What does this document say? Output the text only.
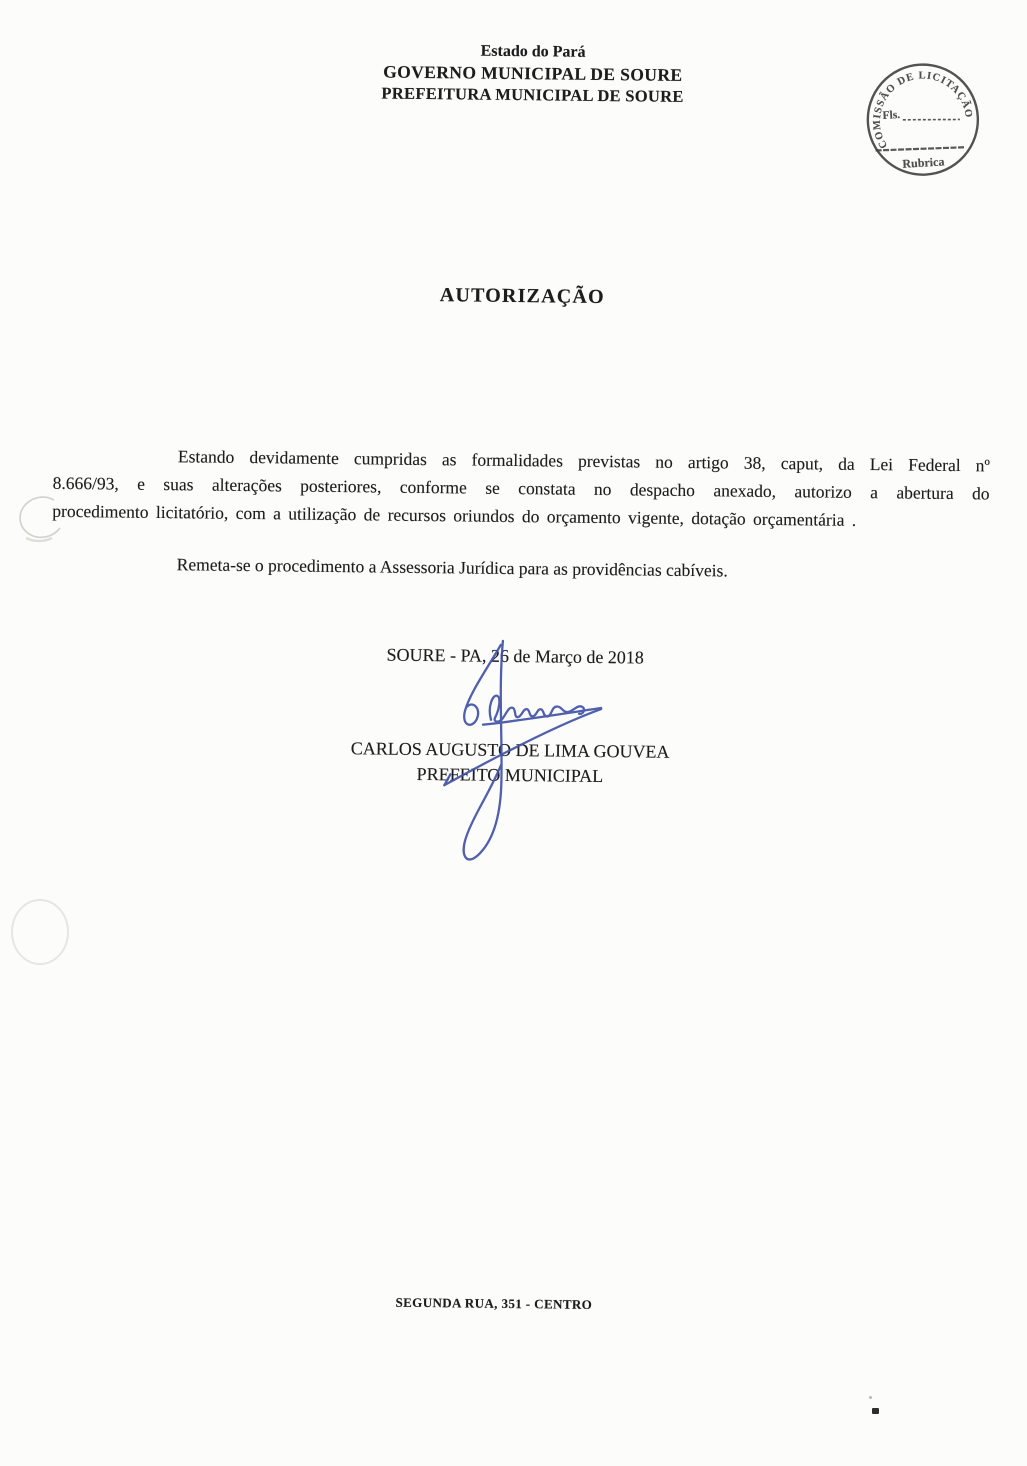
Estado do Pará
GOVERNO MUNICIPAL DE SOURE
PREFEITURA MUNICIPAL DE SOURE
COMISSÃO DE LICITAÇÃO
Fls.
Rubrica
AUTORIZAÇÃO
Estando devidamente cumpridas as formalidades previstas no artigo 38, caput, da Lei Federal nº
8.666/93, e suas alterações posteriores, conforme se constata no despacho anexado, autorizo a abertura do
procedimento licitatório, com a utilização de recursos oriundos do orçamento vigente, dotação orçamentária .
Remeta-se o procedimento a Assessoria Jurídica para as providências cabíveis.
SOURE - PA, 26 de Março de 2018
CARLOS AUGUSTO DE LIMA GOUVEA
PREFEITO MUNICIPAL
SEGUNDA RUA, 351 - CENTRO
